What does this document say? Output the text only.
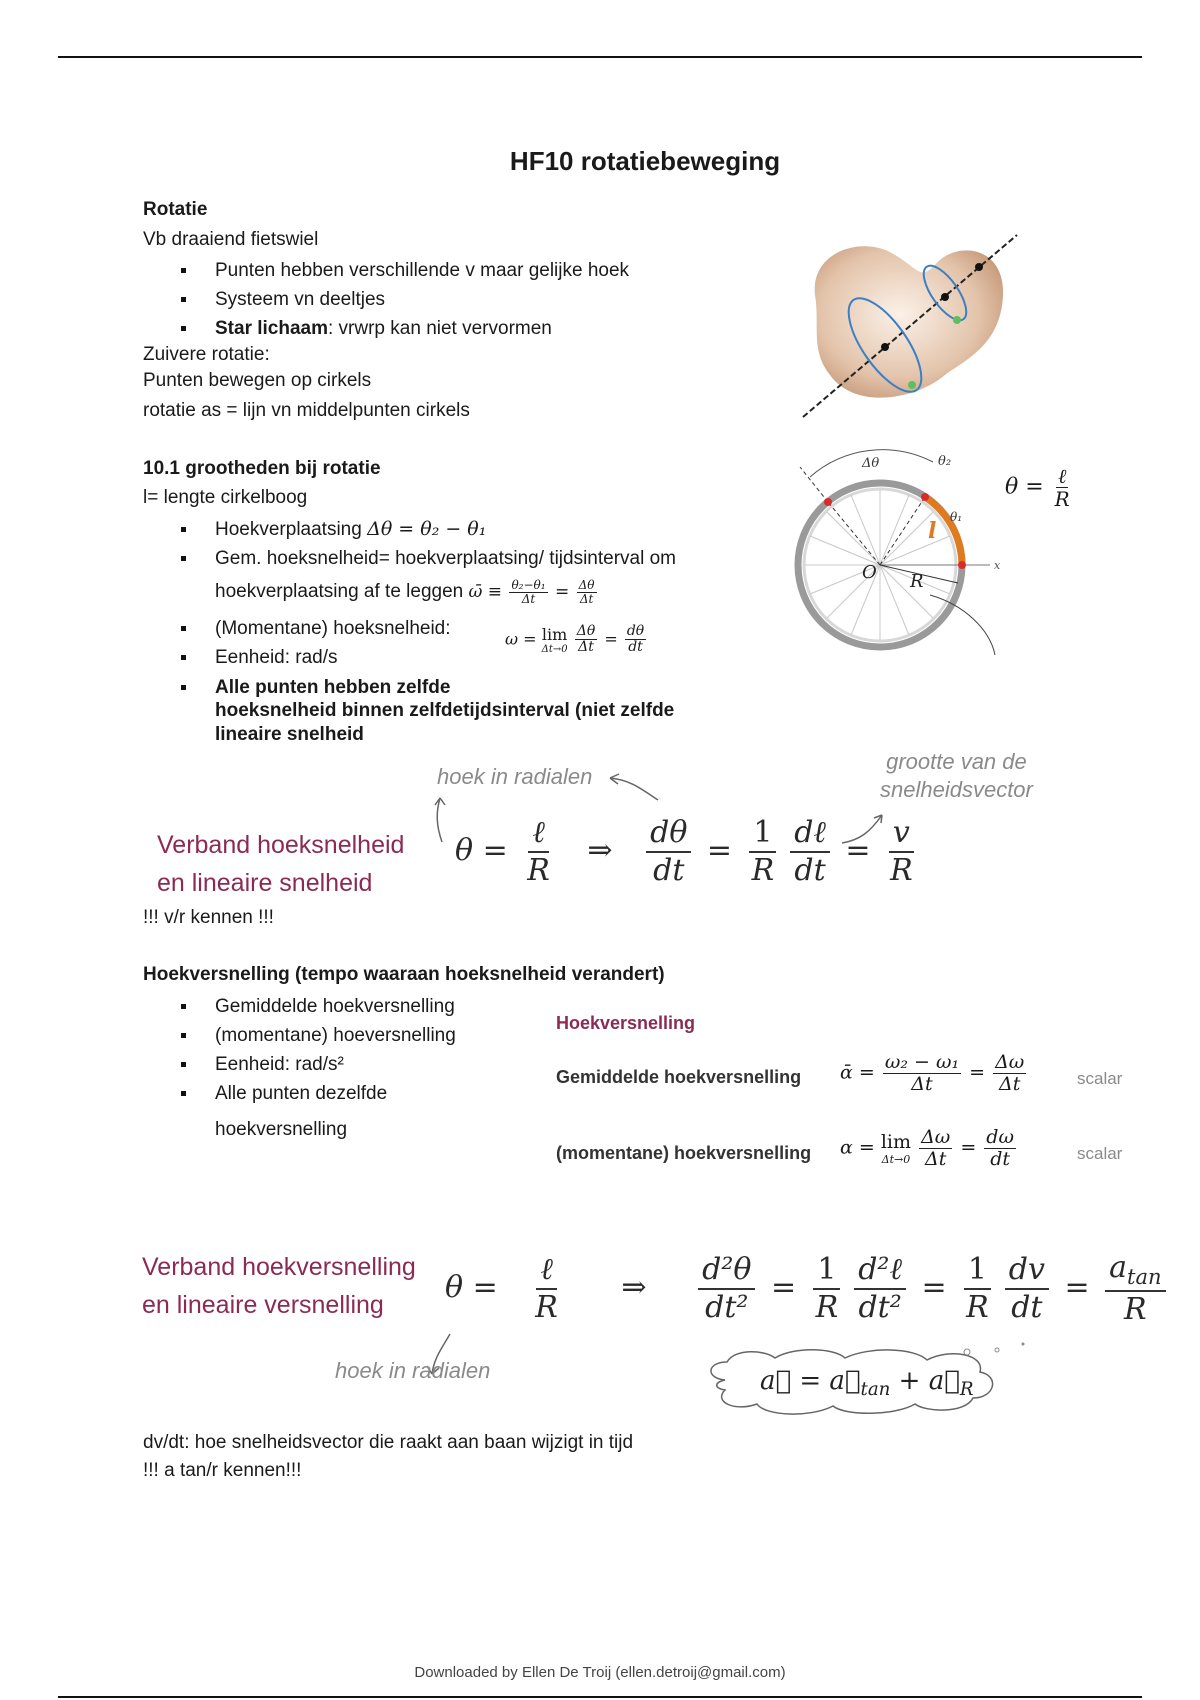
HF10 rotatiebeweging
Rotatie
Vb draaiend fietswiel
Punten hebben verschillende v maar gelijke hoek
Systeem vn deeltjes
Star lichaam: vrwrp kan niet vervormen
Zuivere rotatie:
Punten bewegen op cirkels
rotatie as = lijn vn middelpunten cirkels
10.1 grootheden bij rotatie
l= lengte cirkelboog
Hoekverplaatsing Δθ = θ₂ − θ₁
Gem. hoeksnelheid= hoekverplaatsing/ tijdsinterval om
hoekverplaatsing af te leggen ω̄ ≡ $\frac{\text{θ₂−θ₁}}{\Delta t} = \frac{\Delta\theta}{\Delta t}$
(Momentane) hoeksnelheid:
Eenheid: rad/s
ω = lim
Δt→0
$\frac{\Delta\theta}{\Delta t} = \frac{d\theta}{dt}$
Alle punten hebben zelfde
hoeksnelheid binnen zelfdetijdsinterval (niet zelfde
lineaire snelheid
x
Δθ	θ₂
θ₁
l
O R
$\theta = \frac{\text{ℓ}}{R}$
hoek in radialen
grootte van de
snelheidsvector
Verband hoeksnelheid
en lineaire snelheid
θ =
ℓ
R
⇒ $\frac{d\theta}{dt} = \frac{1}{R}$ dℓ
dt
= $\frac{v}{R}$
!!! v/r kennen !!!
Hoekversnelling (tempo waaraan hoeksnelheid verandert)
Gemiddelde hoekversnelling
(momentane) hoeversnelling
Eenheid: rad/s²
Alle punten dezelfde
hoekversnelling
Hoekversnelling
Gemiddelde hoekversnelling ᾱ = $\frac{\text{ω₂ − ω₁}}{\Delta t} = \frac{\Delta\omega}{\Delta t}$	scalar
(momentane) hoekversnelling α = lim
Δt→0
$\frac{\Delta\omega}{\Delta t} = \frac{d\omega}{dt}$	scalar
Verband hoekversnelling
en lineaire versnelling	θ =
ℓ
R
⇒ $\frac{\text{d²θ}}{\text{dt²}} = \frac{1}{R}$ d²ℓ
dt²
= $\frac{1}{R} \frac{dv}{dt} = \frac{a_{tan}}{R}$
hoek in radialen	a⃗ = $a⃗_{tan}$ + $a⃗_R$
dv/dt: hoe snelheidsvector die raakt aan baan wijzigt in tijd
!!! a tan/r kennen!!!
Downloaded by Ellen De Troij (ellen.detroij@gmail.com)
